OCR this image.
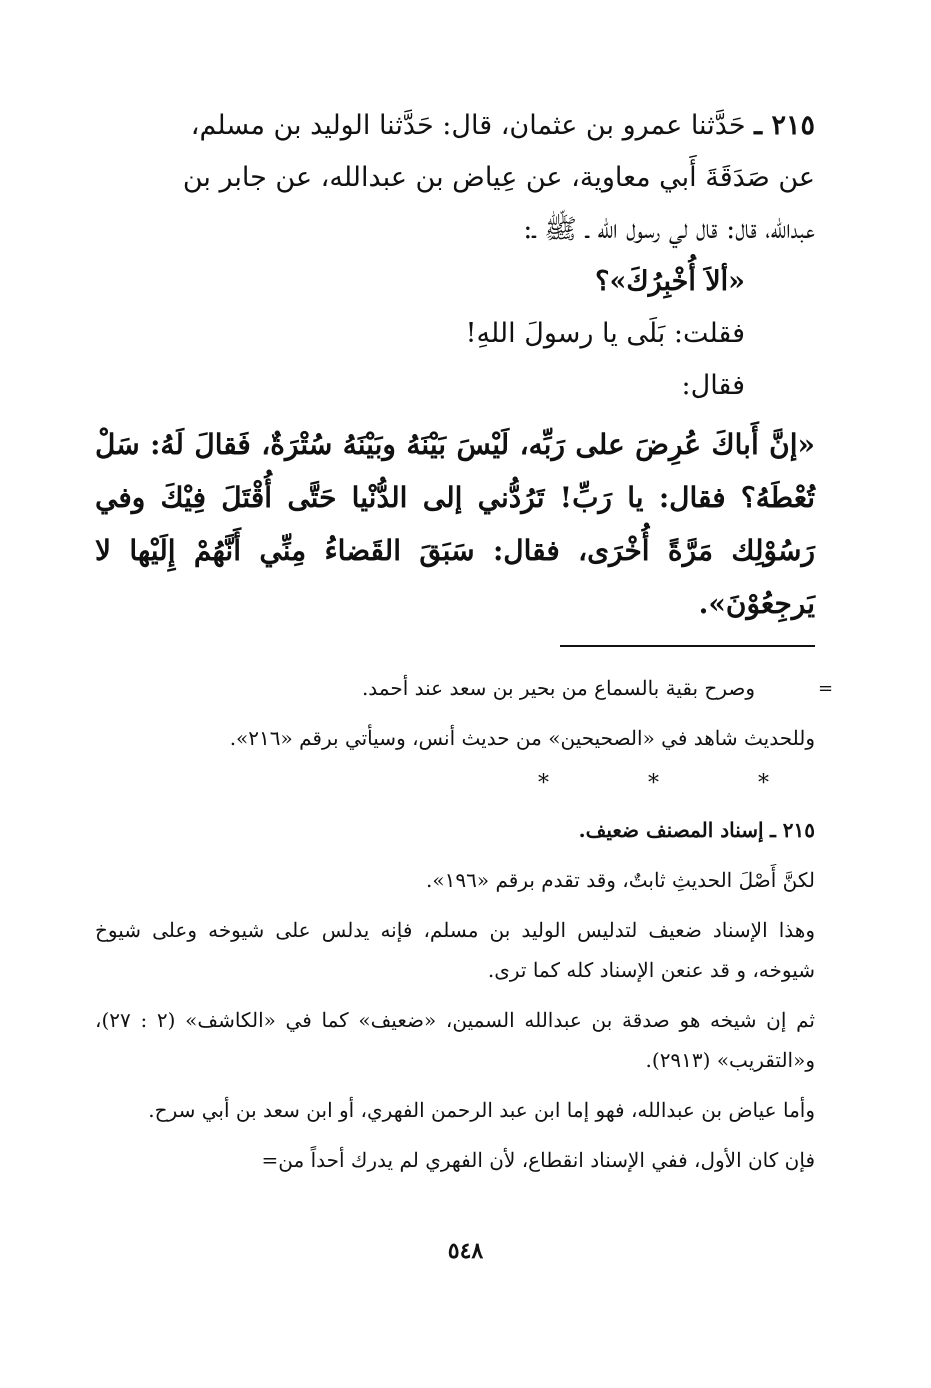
٢١٥ ـ حَدَّثنا عمرو بن عثمان، قال: حَدَّثنا الوليد بن مسلم،

عن صَدَقَةَ أَبي معاوية، عن عِياض بن عبدالله، عن جابر بن

عبدالله، قال: قال لي رسول الله ـ ﷺ ـ:

«ألاَ أُخْبِرُكَ»؟

فقلت: بَلَى يا رسولَ اللهِ!

فقال:

«إنَّ أَباكَ عُرِضَ على رَبِّه، لَيْسَ بَيْنَهُ وبَيْنَهُ سُتْرَةٌ، فَقالَ لَهُ: سَلْ تُعْطَهُ؟ فقال: يا رَبِّ! تَرُدُّني إلى الدُّنْيا حَتَّى أُقْتَلَ فِيْكَ وفي رَسُوْلِك مَرَّةً أُخْرَى، فقال: سَبَقَ القَضاءُ مِنِّي أَنَّهُمْ إِلَيْها لا يَرجِعُوْنَ».
=

وصرح بقية بالسماع من بحير بن سعد عند أحمد.

وللحديث شاهد في «الصحيحين» من حديث أنس، وسيأتي برقم «٢١٦».

* * *

٢١٥ ـ إسناد المصنف ضعيف.

لكنَّ أَصْلَ الحديثِ ثابتٌ، وقد تقدم برقم «١٩٦».

وهذا الإسناد ضعيف لتدليس الوليد بن مسلم، فإنه يدلس على شيوخه وعلى شيوخ شيوخه، و قد عنعن الإسناد كله كما ترى.

ثم إن شيخه هو صدقة بن عبدالله السمين، «ضعيف» كما في «الكاشف» (٢ : ٢٧)، و«التقريب» (٢٩١٣).

وأما عياض بن عبدالله، فهو إما ابن عبد الرحمن الفهري، أو ابن سعد بن أبي سرح.

فإن كان الأول، ففي الإسناد انقطاع، لأن الفهري لم يدرك أحداً من=

٥٤٨
